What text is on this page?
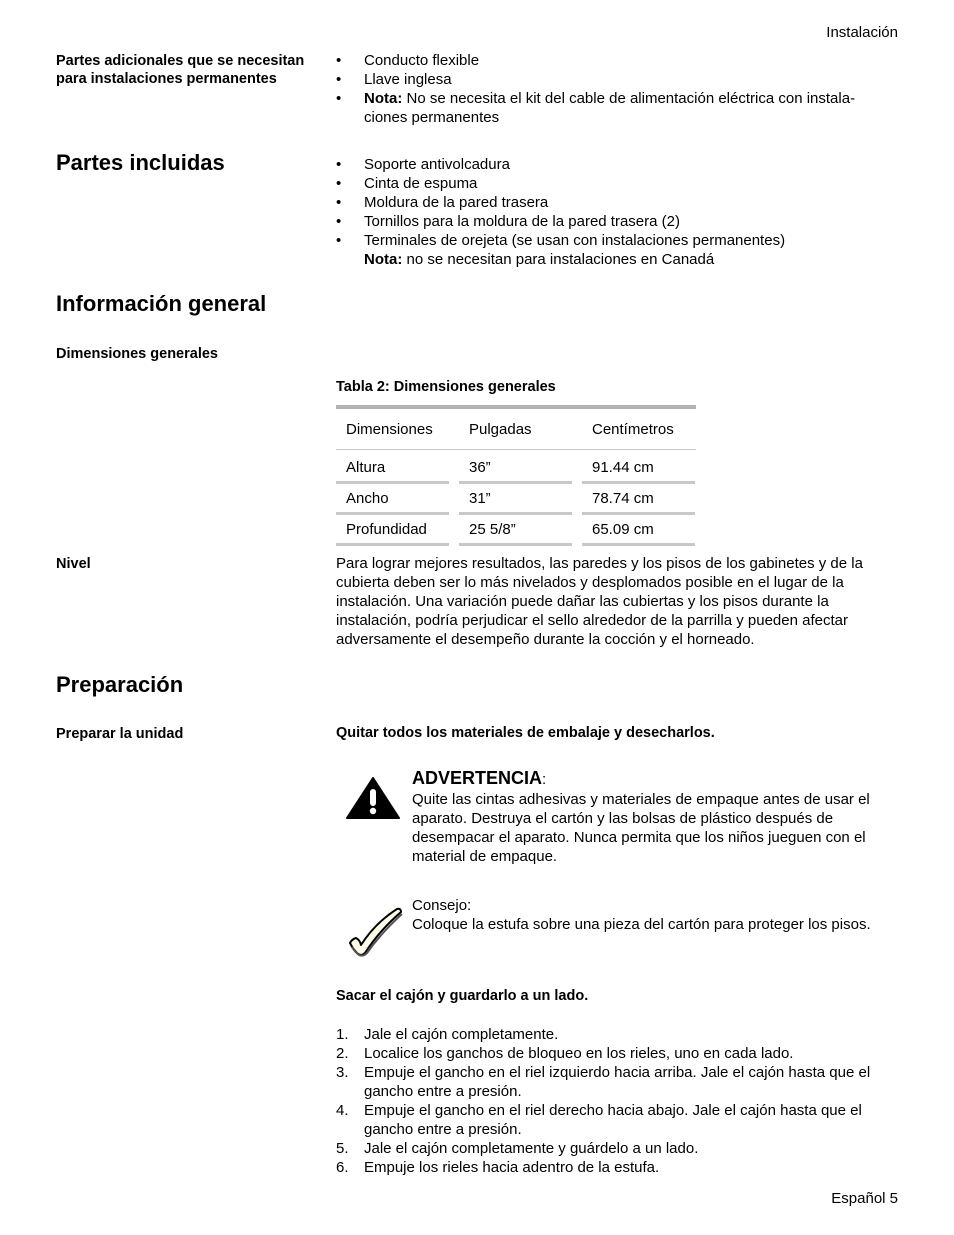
Instalación
Español 5
Partes adicionales que se necesitan para instalaciones permanentes
• Conducto flexible
• Llave inglesa
• Nota: No se necesita el kit del cable de alimentación eléctrica con instala-ciones permanentes
Partes incluidas	• Soporte antivolcadura
• Cinta de espuma
• Moldura de la pared trasera
• Tornillos para la moldura de la pared trasera (2)
• Terminales de orejeta (se usan con instalaciones permanentes)
Nota: no se necesitan para instalaciones en Canadá
Información general
Dimensiones generales
Tabla 2: Dimensiones generales
Dimensiones	Pulgadas	Centímetros
Altura	36”	91.44 cm
Ancho	31”	78.74 cm
Profundidad	25 5/8”	65.09 cm
Nivel	Para lograr mejores resultados, las paredes y los pisos de los gabinetes y de la cubierta deben ser lo más nivelados y desplomados posible en el lugar de la instalación. Una variación puede dañar las cubiertas y los pisos durante la instalación, podría perjudicar el sello alrededor de la parrilla y pueden afectar adversamente el desempeño durante la cocción y el horneado.
Preparación
Preparar la unidad	Quitar todos los materiales de embalaje y desecharlos.
ADVERTENCIA:
Quite las cintas adhesivas y materiales de empaque antes de usar el aparato. Destruya el cartón y las bolsas de plástico después de desempacar el aparato. Nunca permita que los niños jueguen con el material de empaque.
Consejo:
Coloque la estufa sobre una pieza del cartón para proteger los pisos.
Sacar el cajón y guardarlo a un lado.
1. Jale el cajón completamente.
2. Localice los ganchos de bloqueo en los rieles, uno en cada lado.
3. Empuje el gancho en el riel izquierdo hacia arriba. Jale el cajón hasta que el gancho entre a presión.
4. Empuje el gancho en el riel derecho hacia abajo. Jale el cajón hasta que el gancho entre a presión.
5. Jale el cajón completamente y guárdelo a un lado.
6. Empuje los rieles hacia adentro de la estufa.
